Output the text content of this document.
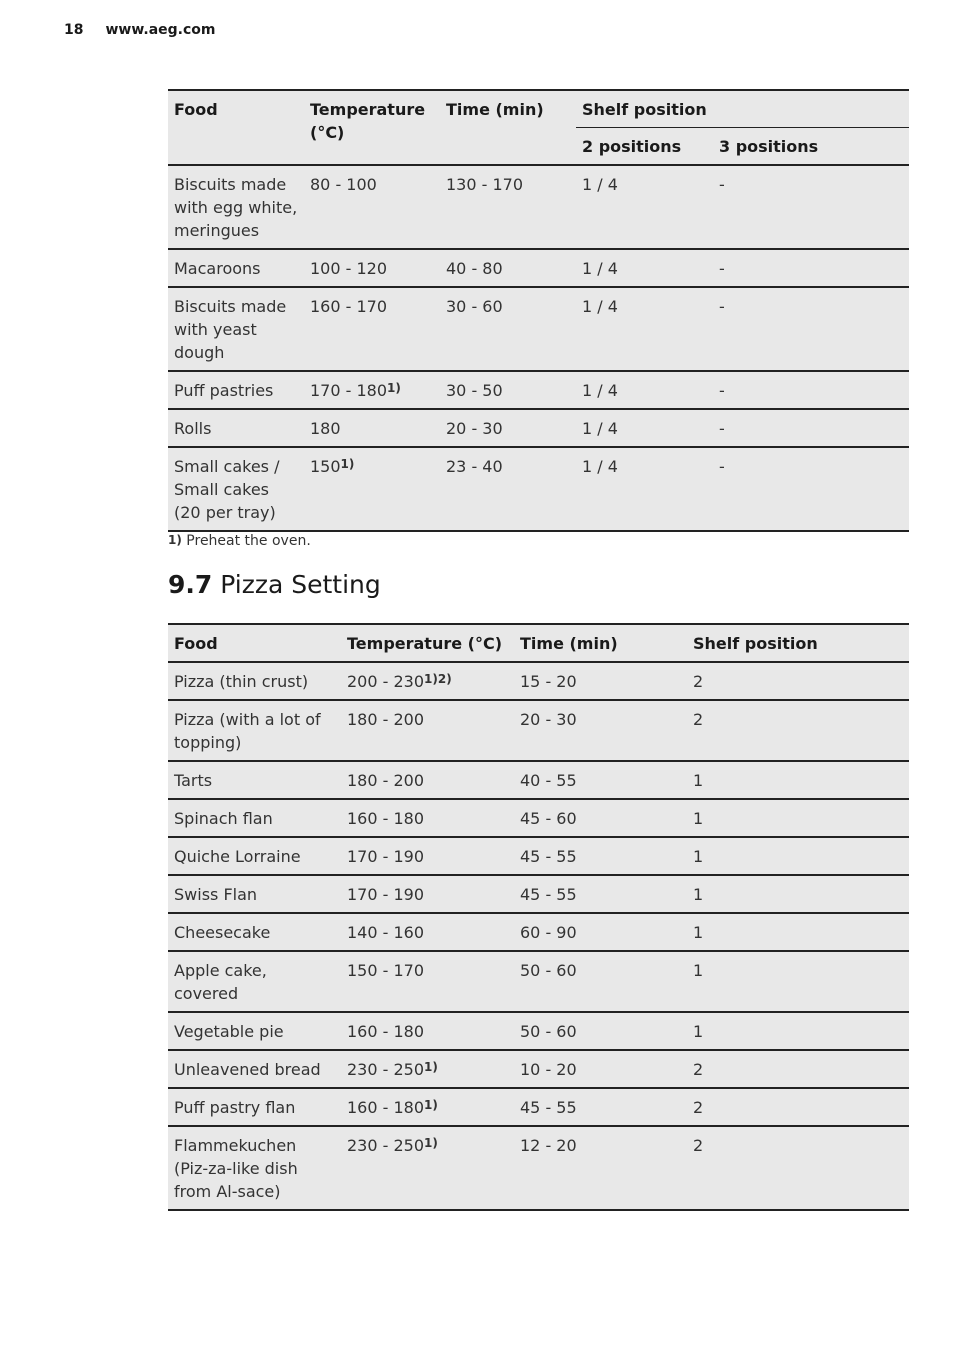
18 www.aeg.com
Food	Temperature (°C)	Time (min)	Shelf position	
			2 positions	3 positions
Biscuits made with egg white, meringues	80 - 100	130 - 170	1 / 4	-
Macaroons	100 - 120	40 - 80	1 / 4	-
Biscuits made with yeast dough	160 - 170	30 - 60	1 / 4	-
Puff pastries	170 - 180$^{1)}$	30 - 50	1 / 4	-
Rolls	180	20 - 30	1 / 4	-
Small cakes / Small cakes (20 per tray)	150$^{1)}$	23 - 40	1 / 4	-
1) Preheat the oven.
9.7 Pizza Setting
Food	Temperature (°C)	Time (min)	Shelf position
Pizza (thin crust)	$200 - 230^{1)2)}$	15 - 20	2
Pizza (with a lot of topping)	180 - 200	20 - 30	2
Tarts	180 - 200	40 - 55	1
Spinach flan	160 - 180	45 - 60	1
Quiche Lorraine	170 - 190	45 - 55	1
Swiss Flan	170 - 190	45 - 55	1
Cheesecake	140 - 160	60 - 90	1
Apple cake, covered	150 - 170	50 - 60	1
Vegetable pie	160 - 180	50 - 60	1
Unleavened bread	230 - 250$^{1)}$	10 - 20	2
Puff pastry flan	160 - 180$^{1)}$	45 - 55	2
Flammekuchen (Piz-za-like dish from Al-sace)	230 - 250$^{1)}$	12 - 20	2
